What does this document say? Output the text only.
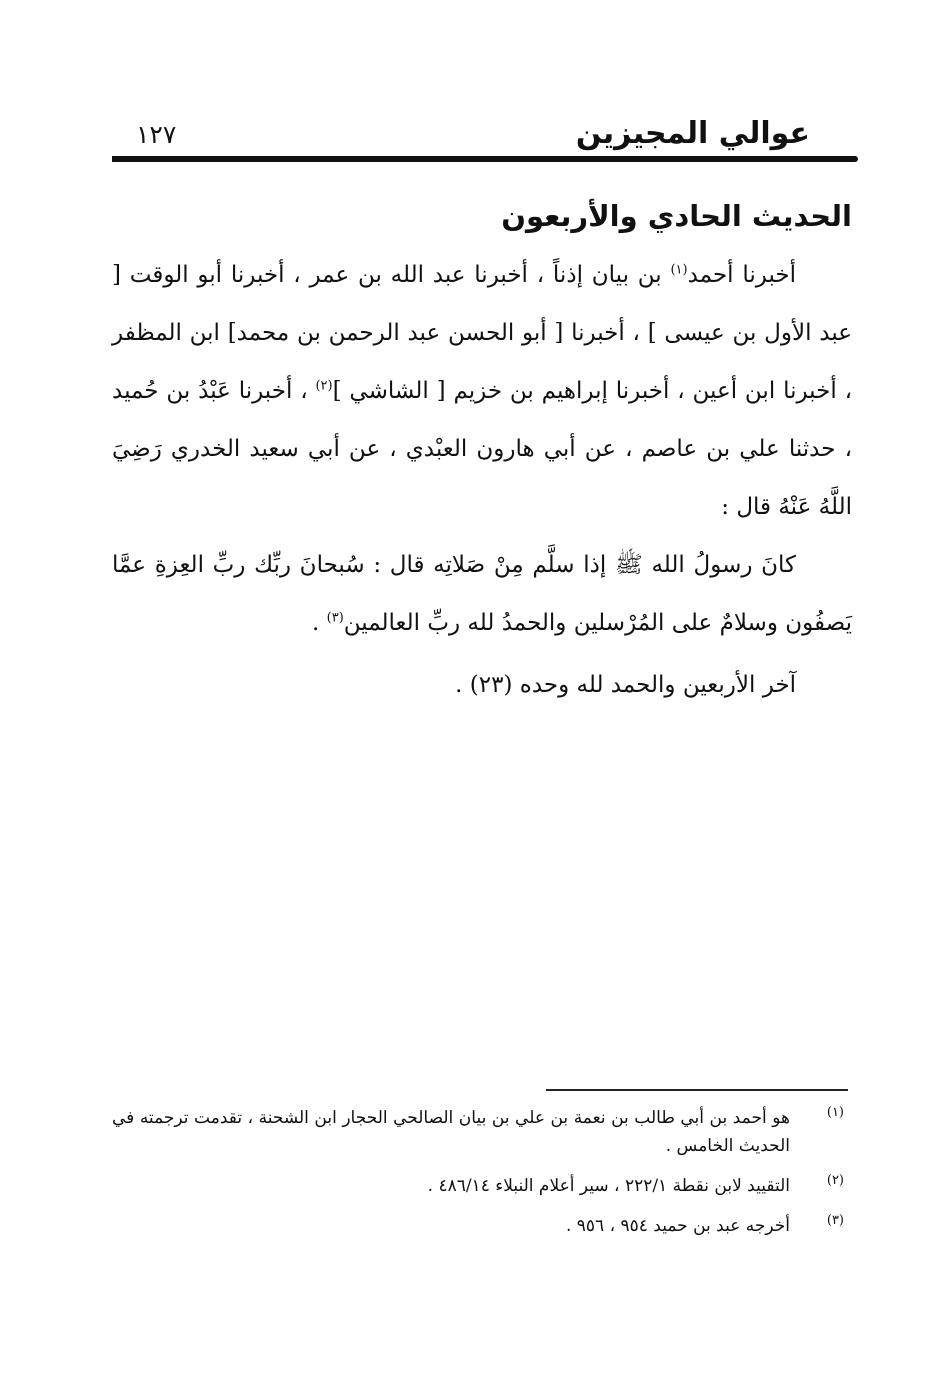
عوالي المجيزين
١٢٧
الحديث الحادي والأربعون

أخبرنا أحمد$^{(١)}$ بن بيان إذناً ، أخبرنا عبد الله بن عمر ، أخبرنا أبو الوقت [ عبد الأول بن عيسى ] ، أخبرنا [ أبو الحسن عبد الرحمن بن محمد] ابن المظفر ، أخبرنا ابن أعين ، أخبرنا إبراهيم بن خزيم [ الشاشي ]$^{(٢)}$ ، أخبرنا عَبْدُ بن حُميد ، حدثنا علي بن عاصم ، عن أبي هارون العبْدي ، عن أبي سعيد الخدري رَضِيَ اللَّهُ عَنْهُ قال :

كانَ رسولُ الله ﷺ إذا سلَّم مِنْ صَلاتِه قال : سُبحانَ ربِّك ربِّ العِزةِ عمَّا يَصفُون وسلامٌ على المُرْسلين والحمدُ لله ربِّ العالمين$^{(٣)}$ .

آخر الأربعين والحمد لله وحده (٢٣) .

(١)
هو أحمد بن أبي طالب بن نعمة بن علي بن بيان الصالحي الحجار ابن الشحنة ، تقدمت ترجمته في الحديث الخامس .
(٢)
التقييد لابن نقطة ٢٢٢/١ ، سير أعلام النبلاء ٤٨٦/١٤ .
(٣)
أخرجه عبد بن حميد ٩٥٤ ، ٩٥٦ .
